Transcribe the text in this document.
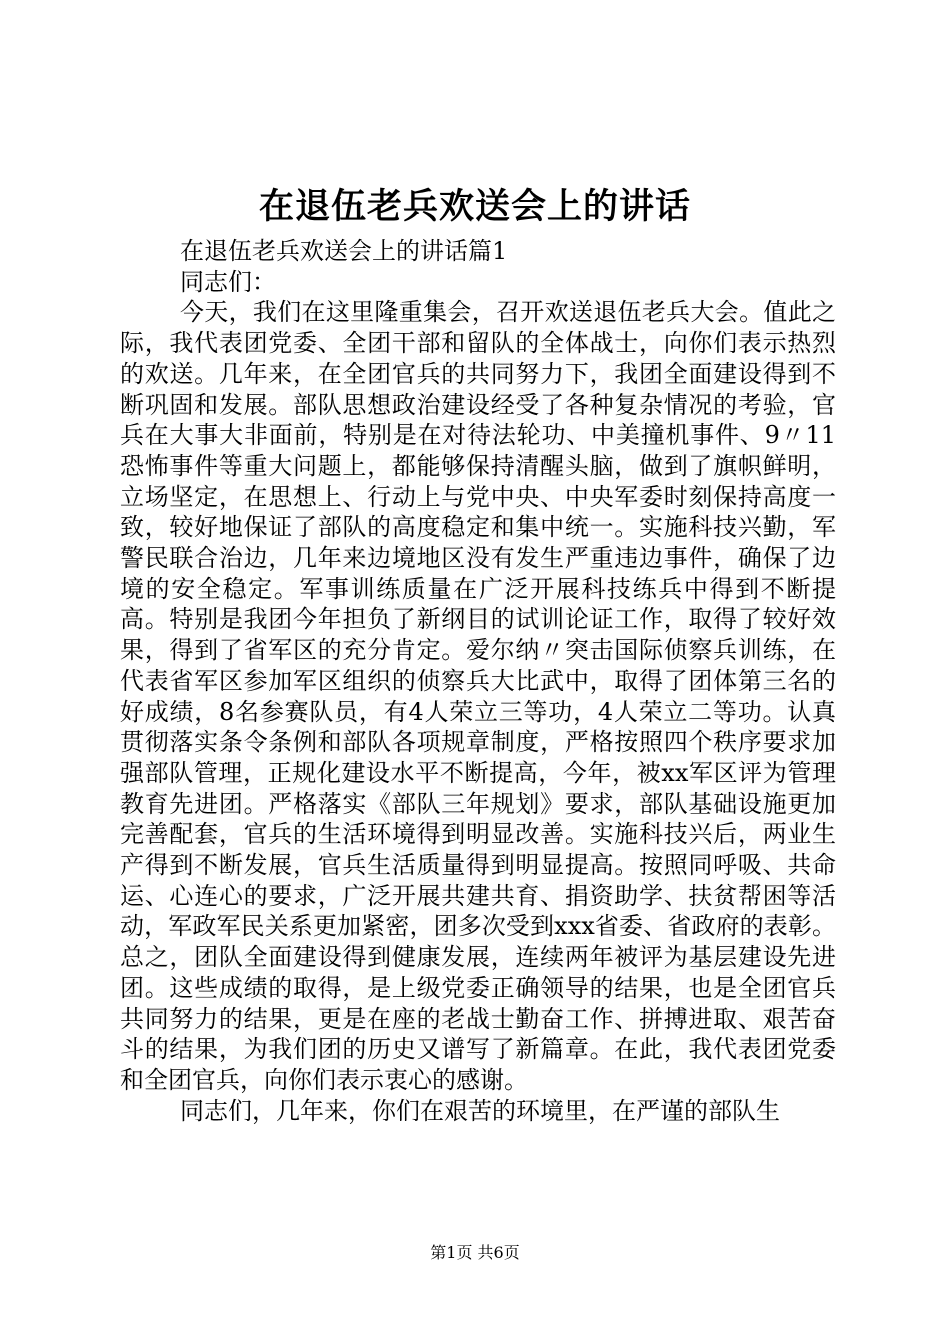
在退伍老兵欢送会上的讲话

在退伍老兵欢送会上的讲话篇1

同志们：

今天，我们在这里隆重集会，召开欢送退伍老兵大会。值此之际，我代表团党委、全团干部和留队的全体战士，向你们表示热烈的欢送。几年来，在全团官兵的共同努力下，我团全面建设得到不断巩固和发展。部队思想政治建设经受了各种复杂情况的考验，官兵在大事大非面前，特别是在对待法轮功、中美撞机事件、9〃11恐怖事件等重大问题上，都能够保持清醒头脑，做到了旗帜鲜明，立场坚定，在思想上、行动上与党中央、中央军委时刻保持高度一致，较好地保证了部队的高度稳定和集中统一。实施科技兴勤，军警民联合治边，几年来边境地区没有发生严重违边事件，确保了边境的安全稳定。军事训练质量在广泛开展科技练兵中得到不断提高。特别是我团今年担负了新纲目的试训论证工作，取得了较好效果，得到了省军区的充分肯定。爱尔纳〃突击国际侦察兵训练，在代表省军区参加军区组织的侦察兵大比武中，取得了团体第三名的好成绩，8名参赛队员，有4人荣立三等功，4人荣立二等功。认真贯彻落实条令条例和部队各项规章制度，严格按照四个秩序要求加强部队管理，正规化建设水平不断提高，今年，被xx军区评为管理教育先进团。严格落实《部队三年规划》要求，部队基础设施更加完善配套，官兵的生活环境得到明显改善。实施科技兴后，两业生产得到不断发展，官兵生活质量得到明显提高。按照同呼吸、共命运、心连心的要求，广泛开展共建共育、捐资助学、扶贫帮困等活动，军政军民关系更加紧密，团多次受到xxx省委、省政府的表彰。总之，团队全面建设得到健康发展，连续两年被评为基层建设先进团。这些成绩的取得，是上级党委正确领导的结果，也是全团官兵共同努力的结果，更是在座的老战士勤奋工作、拼搏进取、艰苦奋斗的结果，为我们团的历史又谱写了新篇章。在此，我代表团党委和全团官兵，向你们表示衷心的感谢。

同志们，几年来，你们在艰苦的环境里，在严谨的部队生

第1页 共6页
